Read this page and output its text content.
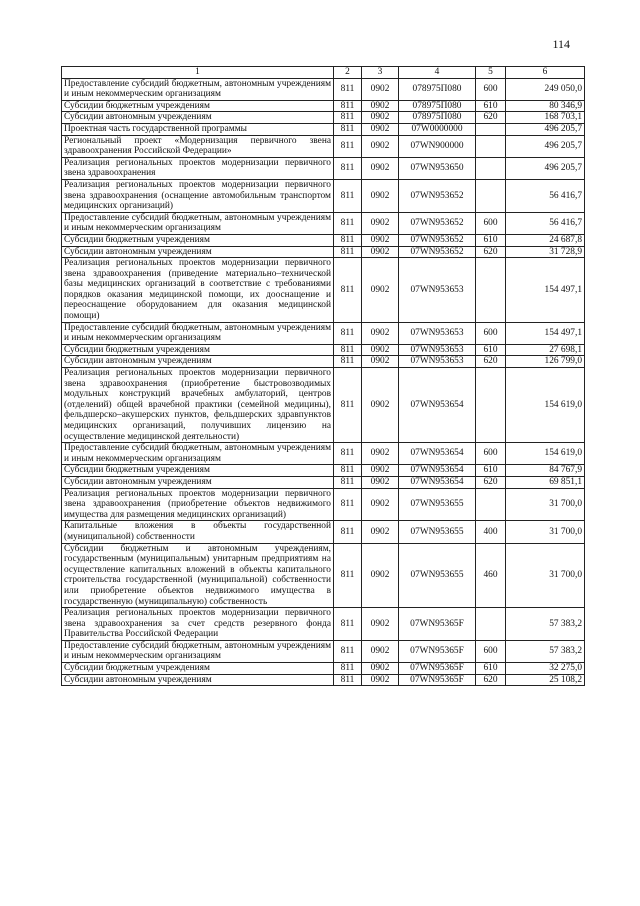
114
1	2	3	4	5	6
Предоставление субсидий бюджетным, автономным учреждениям и иным некоммерческим организациям	811	0902	078975П080	600	249 050,0
Субсидии бюджетным учреждениям	811	0902	078975П080	610	80 346,9
Субсидии автономным учреждениям	811	0902	078975П080	620	168 703,1
Проектная часть государственной программы	811	0902	07W0000000		496 205,7
Региональный проект «Модернизация первичного звена здравоохранения Российской Федерации»	811	0902	07WN900000		496 205,7
Реализация региональных проектов модернизации первичного звена здравоохранения	811	0902	07WN953650		496 205,7
Реализация региональных проектов модернизации первичного звена здравоохранения (оснащение автомобильным транспортом медицинских организаций)	811	0902	07WN953652		56 416,7
Предоставление субсидий бюджетным, автономным учреждениям и иным некоммерческим организациям	811	0902	07WN953652	600	56 416,7
Субсидии бюджетным учреждениям	811	0902	07WN953652	610	24 687,8
Субсидии автономным учреждениям	811	0902	07WN953652	620	31 728,9
Реализация региональных проектов модернизации первичного звена здравоохранения (приведение материально–технической базы медицинских организаций в соответствие с требованиями порядков оказания медицинской помощи, их дооснащение и переоснащение оборудованием для оказания медицинской помощи)	811	0902	07WN953653		154 497,1
Предоставление субсидий бюджетным, автономным учреждениям и иным некоммерческим организациям	811	0902	07WN953653	600	154 497,1
Субсидии бюджетным учреждениям	811	0902	07WN953653	610	27 698,1
Субсидии автономным учреждениям	811	0902	07WN953653	620	126 799,0
Реализация региональных проектов модернизации первичного звена здравоохранения (приобретение быстровозводимых модульных конструкций врачебных амбулаторий, центров (отделений) общей врачебной практики (семейной медицины), фельдшерско–акушерских пунктов, фельдшерских здравпунктов медицинских организаций, получивших лицензию на осуществление медицинской деятельности)	811	0902	07WN953654		154 619,0
Предоставление субсидий бюджетным, автономным учреждениям и иным некоммерческим организациям	811	0902	07WN953654	600	154 619,0
Субсидии бюджетным учреждениям	811	0902	07WN953654	610	84 767,9
Субсидии автономным учреждениям	811	0902	07WN953654	620	69 851,1
Реализация региональных проектов модернизации первичного звена здравоохранения (приобретение объектов недвижимого имущества для размещения медицинских организаций)	811	0902	07WN953655		31 700,0
Капитальные вложения в объекты государственной (муниципальной) собственности	811	0902	07WN953655	400	31 700,0
Субсидии бюджетным и автономным учреждениям, государственным (муниципальным) унитарным предприятиям на осуществление капитальных вложений в объекты капитального строительства государственной (муниципальной) собственности или приобретение объектов недвижимого имущества в государственную (муниципальную) собственность	811	0902	07WN953655	460	31 700,0
Реализация региональных проектов модернизации первичного звена здравоохранения за счет средств резервного фонда Правительства Российской Федерации	811	0902	07WN95365F		57 383,2
Предоставление субсидий бюджетным, автономным учреждениям и иным некоммерческим организациям	811	0902	07WN95365F	600	57 383,2
Субсидии бюджетным учреждениям	811	0902	07WN95365F	610	32 275,0
Субсидии автономным учреждениям	811	0902	07WN95365F	620	25 108,2
